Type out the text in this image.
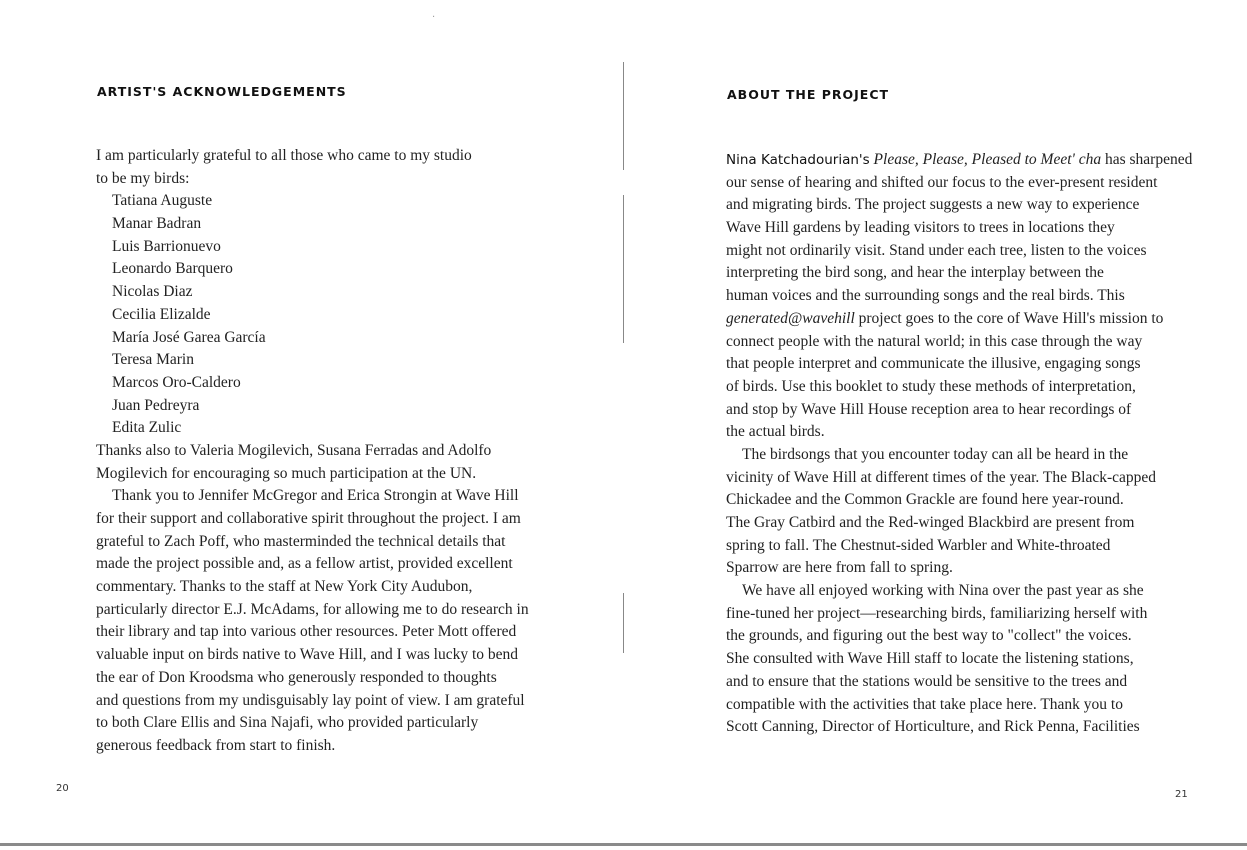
·
ARTIST'S ACKNOWLEDGEMENTS
I am particularly grateful to all those who came to my studio
to be my birds:
Tatiana Auguste
Manar Badran
Luis Barrionuevo
Leonardo Barquero
Nicolas Diaz
Cecilia Elizalde
María José Garea García
Teresa Marin
Marcos Oro-Caldero
Juan Pedreyra
Edita Zulic
Thanks also to Valeria Mogilevich, Susana Ferradas and Adolfo
Mogilevich for encouraging so much participation at the UN.
Thank you to Jennifer McGregor and Erica Strongin at Wave Hill
for their support and collaborative spirit throughout the project. I am
grateful to Zach Poff, who masterminded the technical details that
made the project possible and, as a fellow artist, provided excellent
commentary. Thanks to the staff at New York City Audubon,
particularly director E.J. McAdams, for allowing me to do research in
their library and tap into various other resources. Peter Mott offered
valuable input on birds native to Wave Hill, and I was lucky to bend
the ear of Don Kroodsma who generously responded to thoughts
and questions from my undisguisably lay point of view. I am grateful
to both Clare Ellis and Sina Najafi, who provided particularly
generous feedback from start to finish.
20
ABOUT THE PROJECT
Nina Katchadourian's Please, Please, Pleased to Meet' cha has sharpened
our sense of hearing and shifted our focus to the ever-present resident
and migrating birds. The project suggests a new way to experience
Wave Hill gardens by leading visitors to trees in locations they
might not ordinarily visit. Stand under each tree, listen to the voices
interpreting the bird song, and hear the interplay between the
human voices and the surrounding songs and the real birds. This
generated@wavehill project goes to the core of Wave Hill's mission to
connect people with the natural world; in this case through the way
that people interpret and communicate the illusive, engaging songs
of birds. Use this booklet to study these methods of interpretation,
and stop by Wave Hill House reception area to hear recordings of
the actual birds.
The birdsongs that you encounter today can all be heard in the
vicinity of Wave Hill at different times of the year. The Black-capped
Chickadee and the Common Grackle are found here year-round.
The Gray Catbird and the Red-winged Blackbird are present from
spring to fall. The Chestnut-sided Warbler and White-throated
Sparrow are here from fall to spring.
We have all enjoyed working with Nina over the past year as she
fine-tuned her project—researching birds, familiarizing herself with
the grounds, and figuring out the best way to "collect" the voices.
She consulted with Wave Hill staff to locate the listening stations,
and to ensure that the stations would be sensitive to the trees and
compatible with the activities that take place here. Thank you to
Scott Canning, Director of Horticulture, and Rick Penna, Facilities
21
